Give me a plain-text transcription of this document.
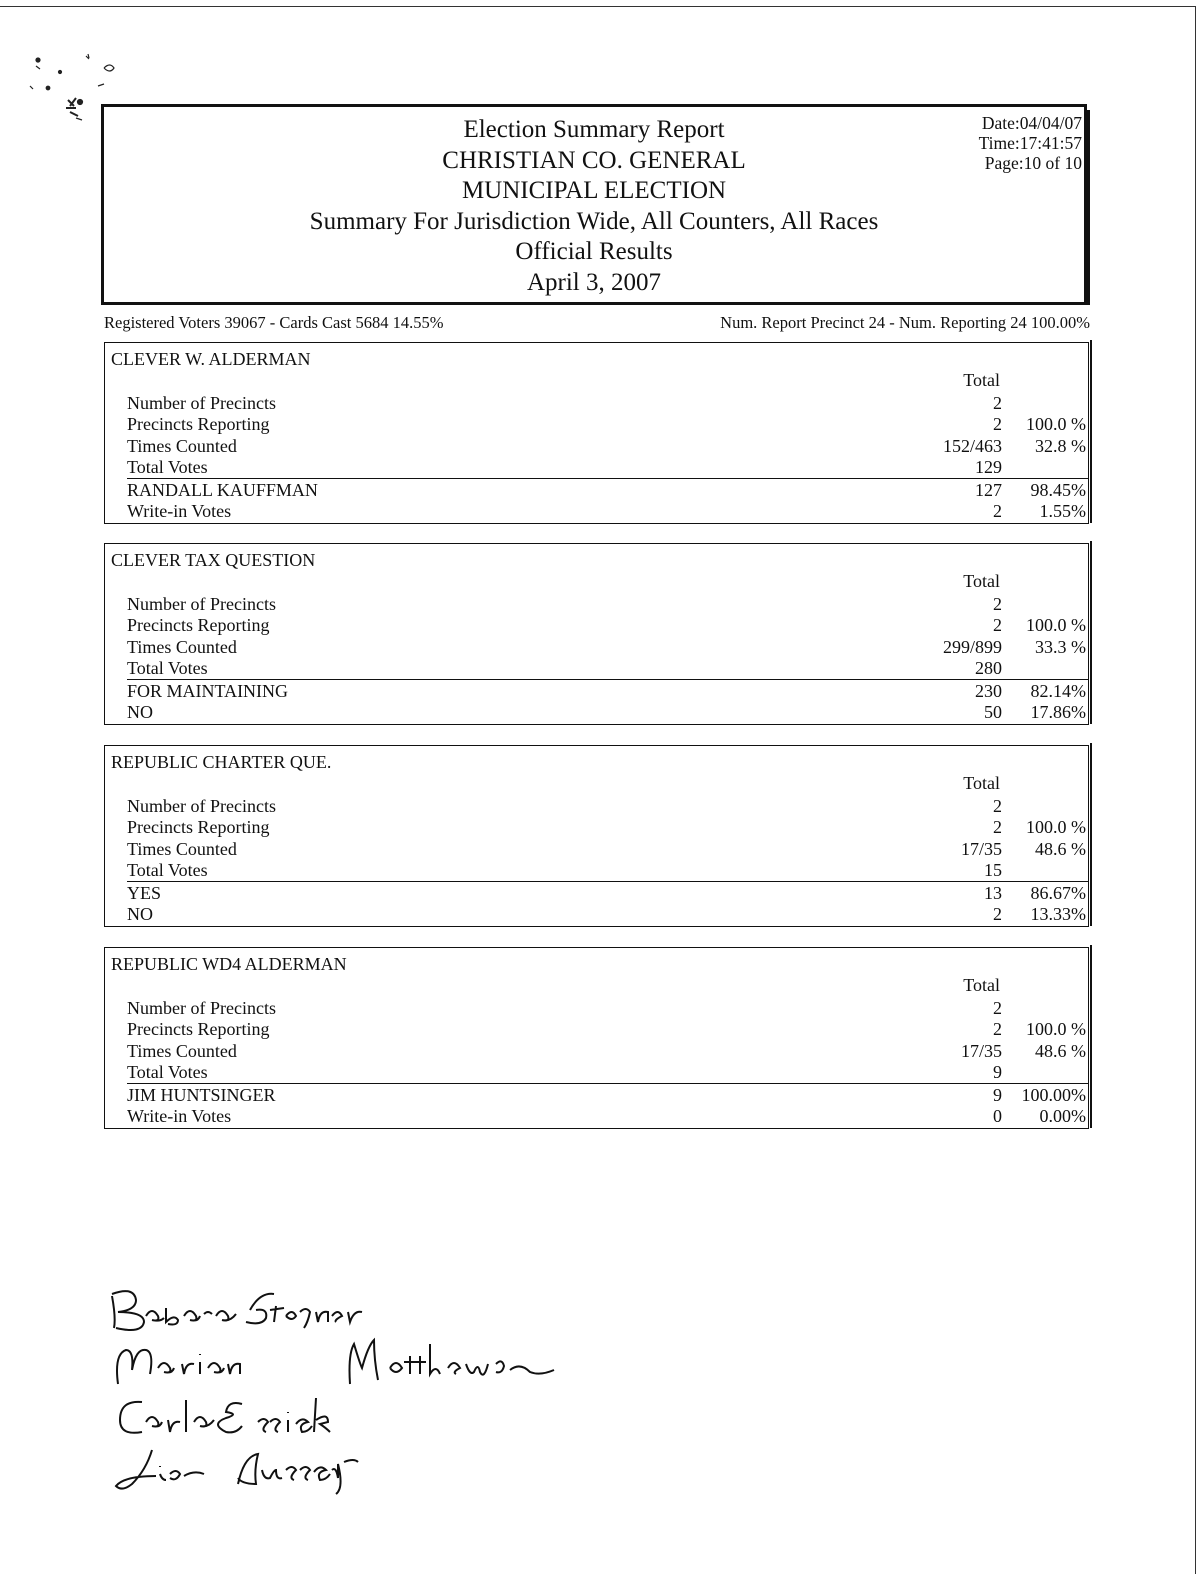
Election Summary Report
CHRISTIAN CO. GENERAL
MUNICIPAL ELECTION
Summary For Jurisdiction Wide, All Counters, All Races
Official Results
April 3, 2007
Date:04/04/07
Time:17:41:57
Page:10 of 10
Registered Voters 39067 - Cards Cast 5684 14.55%	Num. Report Precinct 24 - Num. Reporting 24 100.00%
CLEVER W. ALDERMAN
Total
Number of Precincts	2
Precincts Reporting	2 100.0 %
Times Counted	152/463 32.8 %
Total Votes	129
RANDALL KAUFFMAN	127 98.45%
Write-in Votes	2 1.55%
CLEVER TAX QUESTION
Total
Number of Precincts	2
Precincts Reporting	2 100.0 %
Times Counted	299/899 33.3 %
Total Votes	280
FOR MAINTAINING	230 82.14%
NO	50 17.86%
REPUBLIC CHARTER QUE.
Total
Number of Precincts	2
Precincts Reporting	2 100.0 %
Times Counted	17/35 48.6 %
Total Votes	15
YES	13 86.67%
NO	2 13.33%
REPUBLIC WD4 ALDERMAN
Total
Number of Precincts	2
Precincts Reporting	2 100.0 %
Times Counted	17/35 48.6 %
Total Votes	9
JIM HUNTSINGER	9 100.00%
Write-in Votes	0 0.00%
